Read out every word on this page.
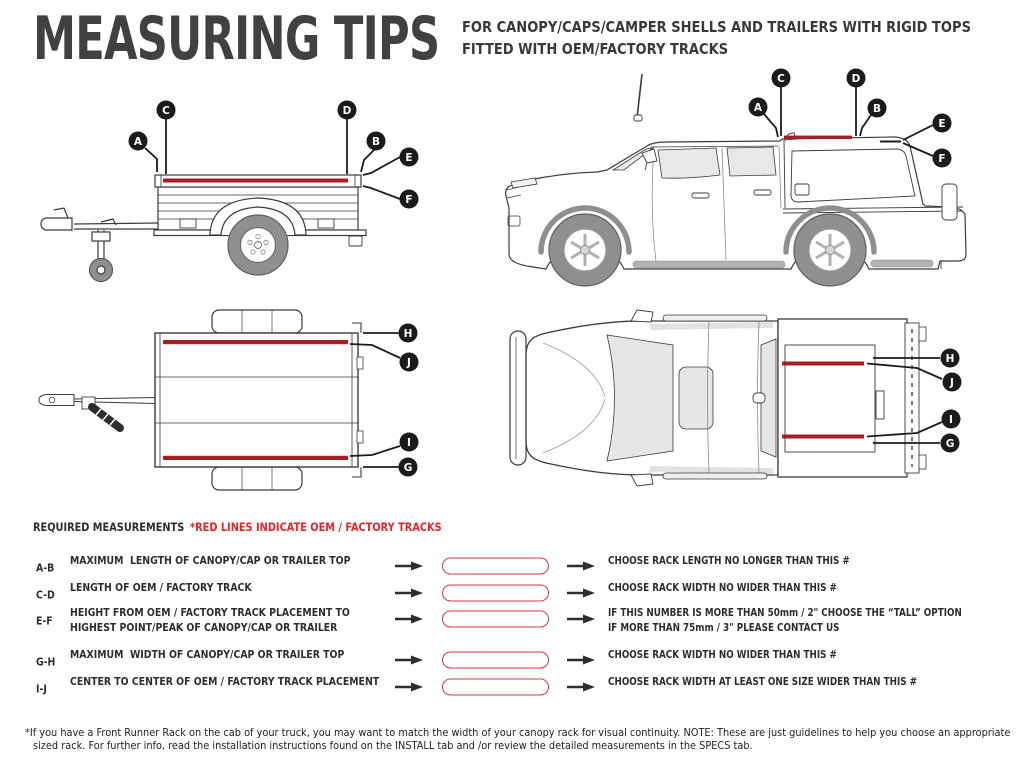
MEASURING TIPS FOR CANOPY/CAPS/CAMPER SHELLS AND TRAILERS WITH RIGID TOPS
FITTED WITH OEM/FACTORY TRACKS
A
C	D
B
E
F
A
C	D
B
E
F
H
J
I
G
H
J
I
G
REQUIRED MEASUREMENTS *RED LINES INDICATE OEM / FACTORY TRACKS
A-B
MAXIMUM  LENGTH OF CANOPY/CAP OR TRAILER TOP	CHOOSE RACK LENGTH NO LONGER THAN THIS #
C-D
LENGTH OF OEM / FACTORY TRACK	CHOOSE RACK WIDTH NO WIDER THAN THIS #
E-F
HEIGHT FROM OEM / FACTORY TRACK PLACEMENT TO
HIGHEST POINT/PEAK OF CANOPY/CAP OR TRAILER
IF THIS NUMBER IS MORE THAN 50mm / 2" CHOOSE THE “TALL” OPTION
IF MORE THAN 75mm / 3" PLEASE CONTACT US
G-H
MAXIMUM  WIDTH OF CANOPY/CAP OR TRAILER TOP	CHOOSE RACK WIDTH NO WIDER THAN THIS #
I-J
CENTER TO CENTER OF OEM / FACTORY TRACK PLACEMENT	CHOOSE RACK WIDTH AT LEAST ONE SIZE WIDER THAN THIS #
*If you have a Front Runner Rack on the cab of your truck, you may want to match the width of your canopy rack for visual continuity. NOTE: These are just guidelines to help you choose an appropriate
sized rack. For further info, read the installation instructions found on the INSTALL tab and /or review the detailed measurements in the SPECS tab.
